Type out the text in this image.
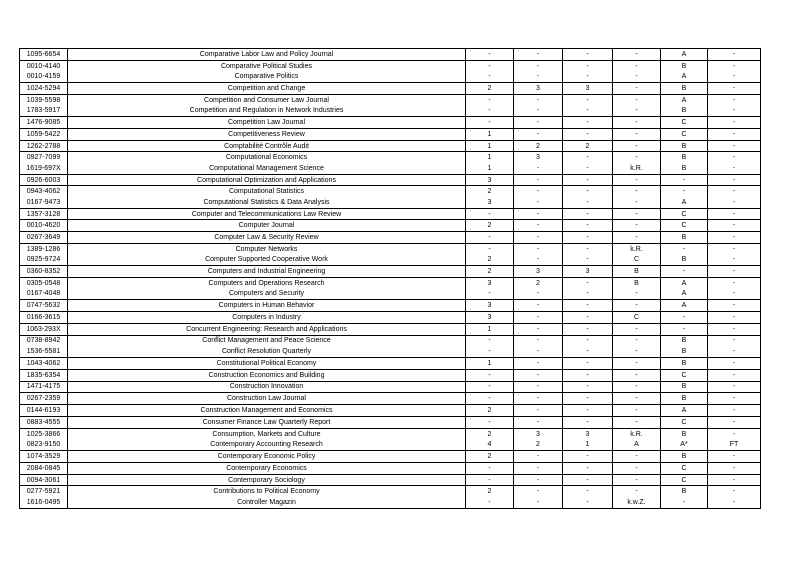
1095-6654	Comparative Labor Law and Policy Journal	-	-	-	-	A	-
0010-4140	Comparative Political Studies	-	-	-	-	B	-
0010-4159	Comparative Politics	-	-	-	-	A	-
1024-5294	Competition and Change	2	3	3	-	B	-
1039-5598	Competition and Consumer Law Journal	-	-	-	-	A	-
1783-5917	Competition and Regulation in Network Industries	-	-	-	-	B	-
1476-9085	Competition Law Journal	-	-	-	-	C	-
1059-5422	Competitiveness Review	1	-	-	-	C	-
1262-2788	Comptabilité Contrôle Audit	1	2	2	-	B	-
0927-7099	Computational Economics	1	3	-	-	B	-
1619-697X	Computational Management Science	1	-	-	k.R.	B	-
0926-6003	Computational Optimization and Applications	3	-	-	-	-	-
0943-4062	Computational Statistics	2	-	-	-	-	-
0167-9473	Computational Statistics & Data Analysis	3	-	-	-	A	-
1357-3128	Computer and Telecommunications Law Review	-	-	-	-	C	-
0010-4620	Computer Journal	2	-	-	-	C	-
0267-3649	Computer Law & Security Review	-	-	-	-	B	-
1389-1286	Computer Networks	-	-	-	k.R.	-	-
0925-9724	Computer Supported Cooperative Work	2	-	-	C	B	-
0360-8352	Computers and Industrial Engineering	2	3	3	B	-	-
0305-0548	Computers and Operations Research	3	2	-	B	A	-
0167-4048	Computers and Security	-	-	-	-	A	-
0747-5632	Computers in Human Behavior	3	-	-	-	A	-
0166-3615	Computers in Industry	3	-	-	C	-	-
1063-293X	Concurrent Engineering: Research and Applications	1	-	-	-	-	-
0738-8942	Conflict Management and Peace Science	-	-	-	-	B	-
1536-5581	Conflict Resolution Quarterly	-	-	-	-	B	-
1043-4062	Constitutional Political Economy	1	-	-	-	B	-
1835-6354	Construction Economics and Building	-	-	-	-	C	-
1471-4175	Construction Innovation	-	-	-	-	B	-
0267-2359	Construction Law Journal	-	-	-	-	B	-
0144-6193	Construction Management and Economics	2	-	-	-	A	-
0883-4555	Consumer Finance Law Quarterly Report	-	-	-	-	C	-
1025-3866	Consumption, Markets and Culture	2	3	3	k.R.	B	-
0823-9150	Contemporary Accounting Research	4	2	1	A	A*	FT
1074-3529	Contemporary Economic Policy	2	-	-	-	B	-
2084-0845	Contemporary Economics	-	-	-	-	C	-
0094-3061	Contemporary Sociology	-	-	-	-	C	-
0277-5921	Contributions to Political Economy	2	-	-	-	B	-
1616-0495	Controller Magazin	-	-	-	k.w.Z.	-	-
